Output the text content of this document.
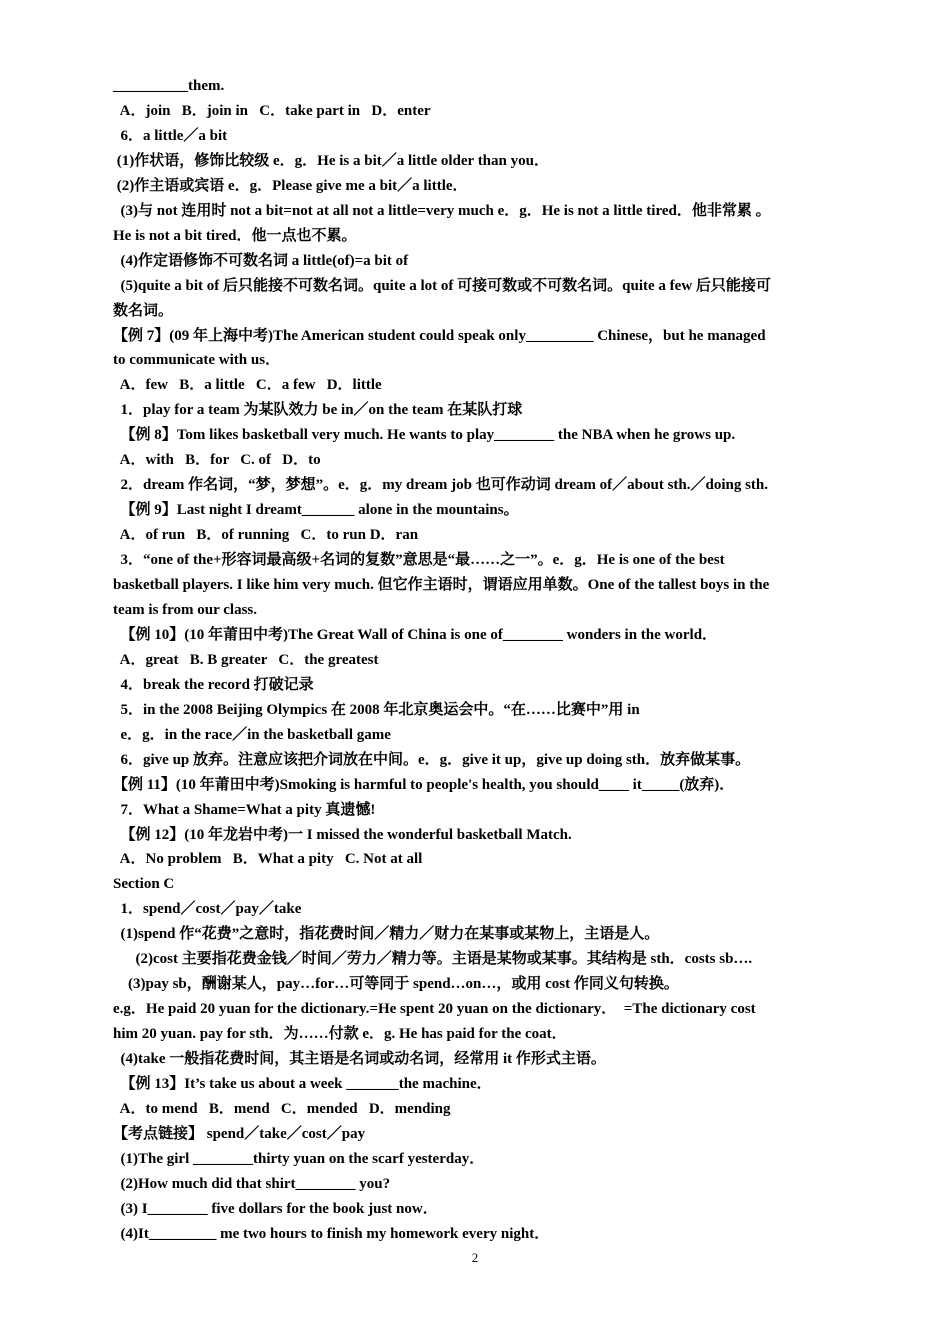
__________them.
A．join   B．join in   C．take part in   D．enter
6．a little／a bit
(1)作状语，修饰比较级 e．g．He is a bit／a little older than you．
(2)作主语或宾语 e．g．Please give me a bit／a little．
(3)与 not 连用时 not a bit=not at all not a little=very much e．g．He is not a little tired．他非常累 。
He is not a bit tired．他一点也不累。
(4)作定语修饰不可数名词 a little(of)=a bit of
(5)quite a bit of 后只能接不可数名词。quite a lot of 可接可数或不可数名词。quite a few 后只能接可
数名词。
【例 7】(09 年上海中考)The American student could speak only_________ Chinese，but he managed
to communicate with us．
A．few   B．a little   C．a few   D．little
1．play for a team 为某队效力 be in／on the team 在某队打球
【例 8】Tom likes basketball very much. He wants to play________ the NBA when he grows up.
A．with   B．for   C. of   D．to
2．dream 作名词，“梦，梦想”。e．g．my dream job 也可作动词 dream of／about sth.／doing sth.
【例 9】Last night I dreamt_______ alone in the mountains。
A．of run   B．of running   C．to run D．ran
3．“one of the+形容词最高级+名词的复数”意思是“最……之一”。e．g．He is one of the best
basketball players. I like him very much. 但它作主语时，谓语应用单数。One of the tallest boys in the
team is from our class.
【例 10】(10 年莆田中考)The Great Wall of China is one of________ wonders in the world．
A．great   B. B greater   C．the greatest
4．break the record 打破记录
5．in the 2008 Beijing Olympics 在 2008 年北京奥运会中。“在……比赛中”用 in
e．g．in the race／in the basketball game
6．give up 放弃。注意应该把介词放在中间。e．g．give it up，give up doing sth．放弃做某事。
【例 11】(10 年莆田中考)Smoking is harmful to people's health, you should____ it_____(放弃)．
7．What a Shame=What a pity 真遗憾!
【例 12】(10 年龙岩中考)一 I missed the wonderful basketball Match.
A．No problem   B．What a pity   C. Not at all
Section C
1．spend／cost／pay／take
(1)spend 作“花费”之意时，指花费时间／精力／财力在某事或某物上，主语是人。
(2)cost 主要指花费金钱／时间／劳力／精力等。主语是某物或某事。其结构是 sth．costs sb….
(3)pay sb，酬谢某人，pay…for…可等同于 spend…on…，或用 cost 作同义句转换。
e.g．He paid 20 yuan for the dictionary.=He spent 20 yuan on the dictionary．  =The dictionary cost
him 20 yuan. pay for sth．为……付款 e．g. He has paid for the coat．
(4)take 一般指花费时间，其主语是名词或动名词，经常用 it 作形式主语。
【例 13】It’s take us about a week _______the machine．
A．to mend   B．mend   C．mended   D．mending
【考点链接】 spend／take／cost／pay
(1)The girl ________thirty yuan on the scarf yesterday．
(2)How much did that shirt________ you?
(3) I________ five dollars for the book just now．
(4)It_________ me two hours to finish my homework every night．
2
